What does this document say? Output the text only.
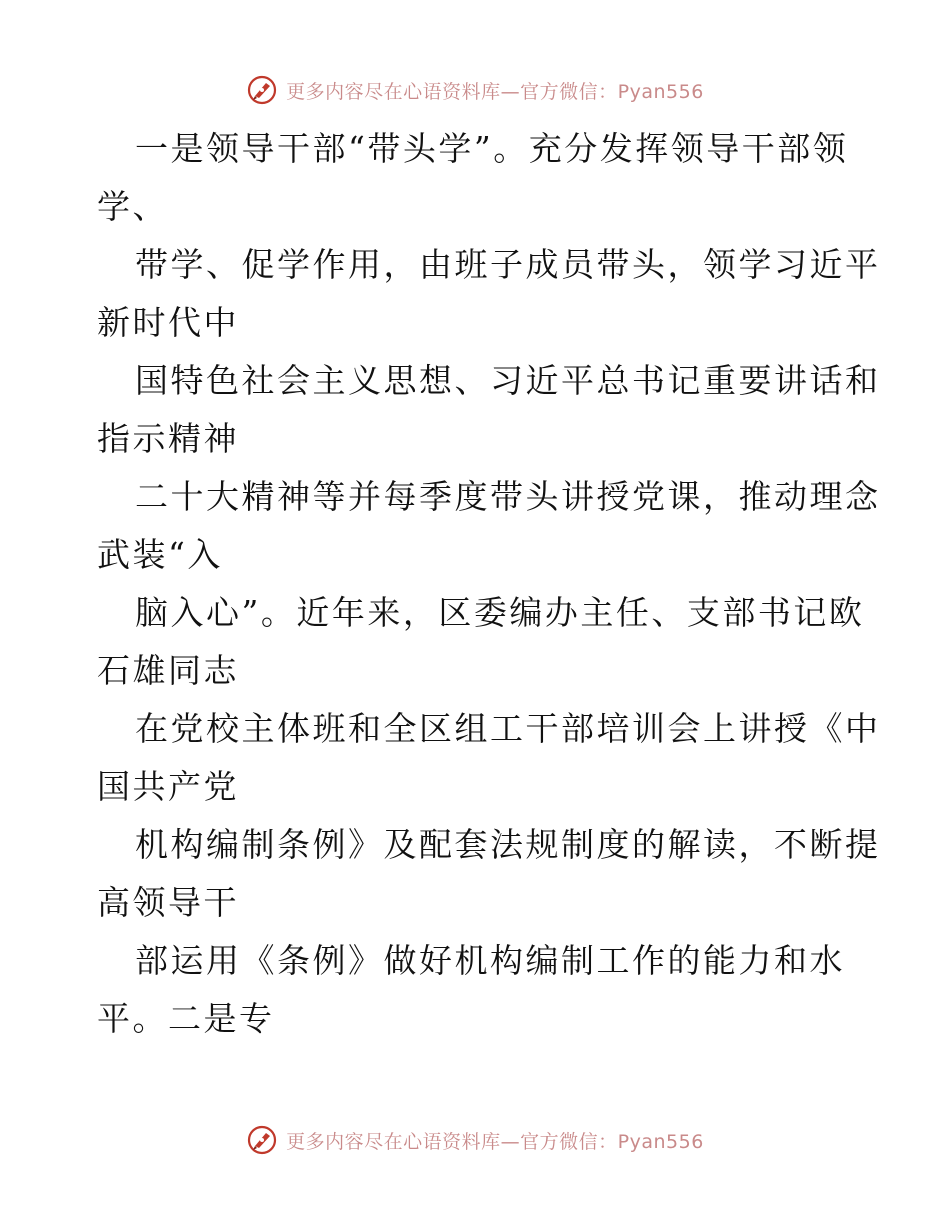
更多内容尽在心语资料库—官方微信：Pyan556
一是领导干部“带头学”。充分发挥领导干部领
学、
带学、促学作用，由班子成员带头，领学习近平
新时代中
国特色社会主义思想、习近平总书记重要讲话和
指示精神
二十大精神等并每季度带头讲授党课，推动理念
武装“入
脑入心”。近年来，区委编办主任、支部书记欧
石雄同志
在党校主体班和全区组工干部培训会上讲授《中
国共产党
机构编制条例》及配套法规制度的解读，不断提
高领导干
部运用《条例》做好机构编制工作的能力和水
平。二是专
更多内容尽在心语资料库—官方微信：Pyan556
